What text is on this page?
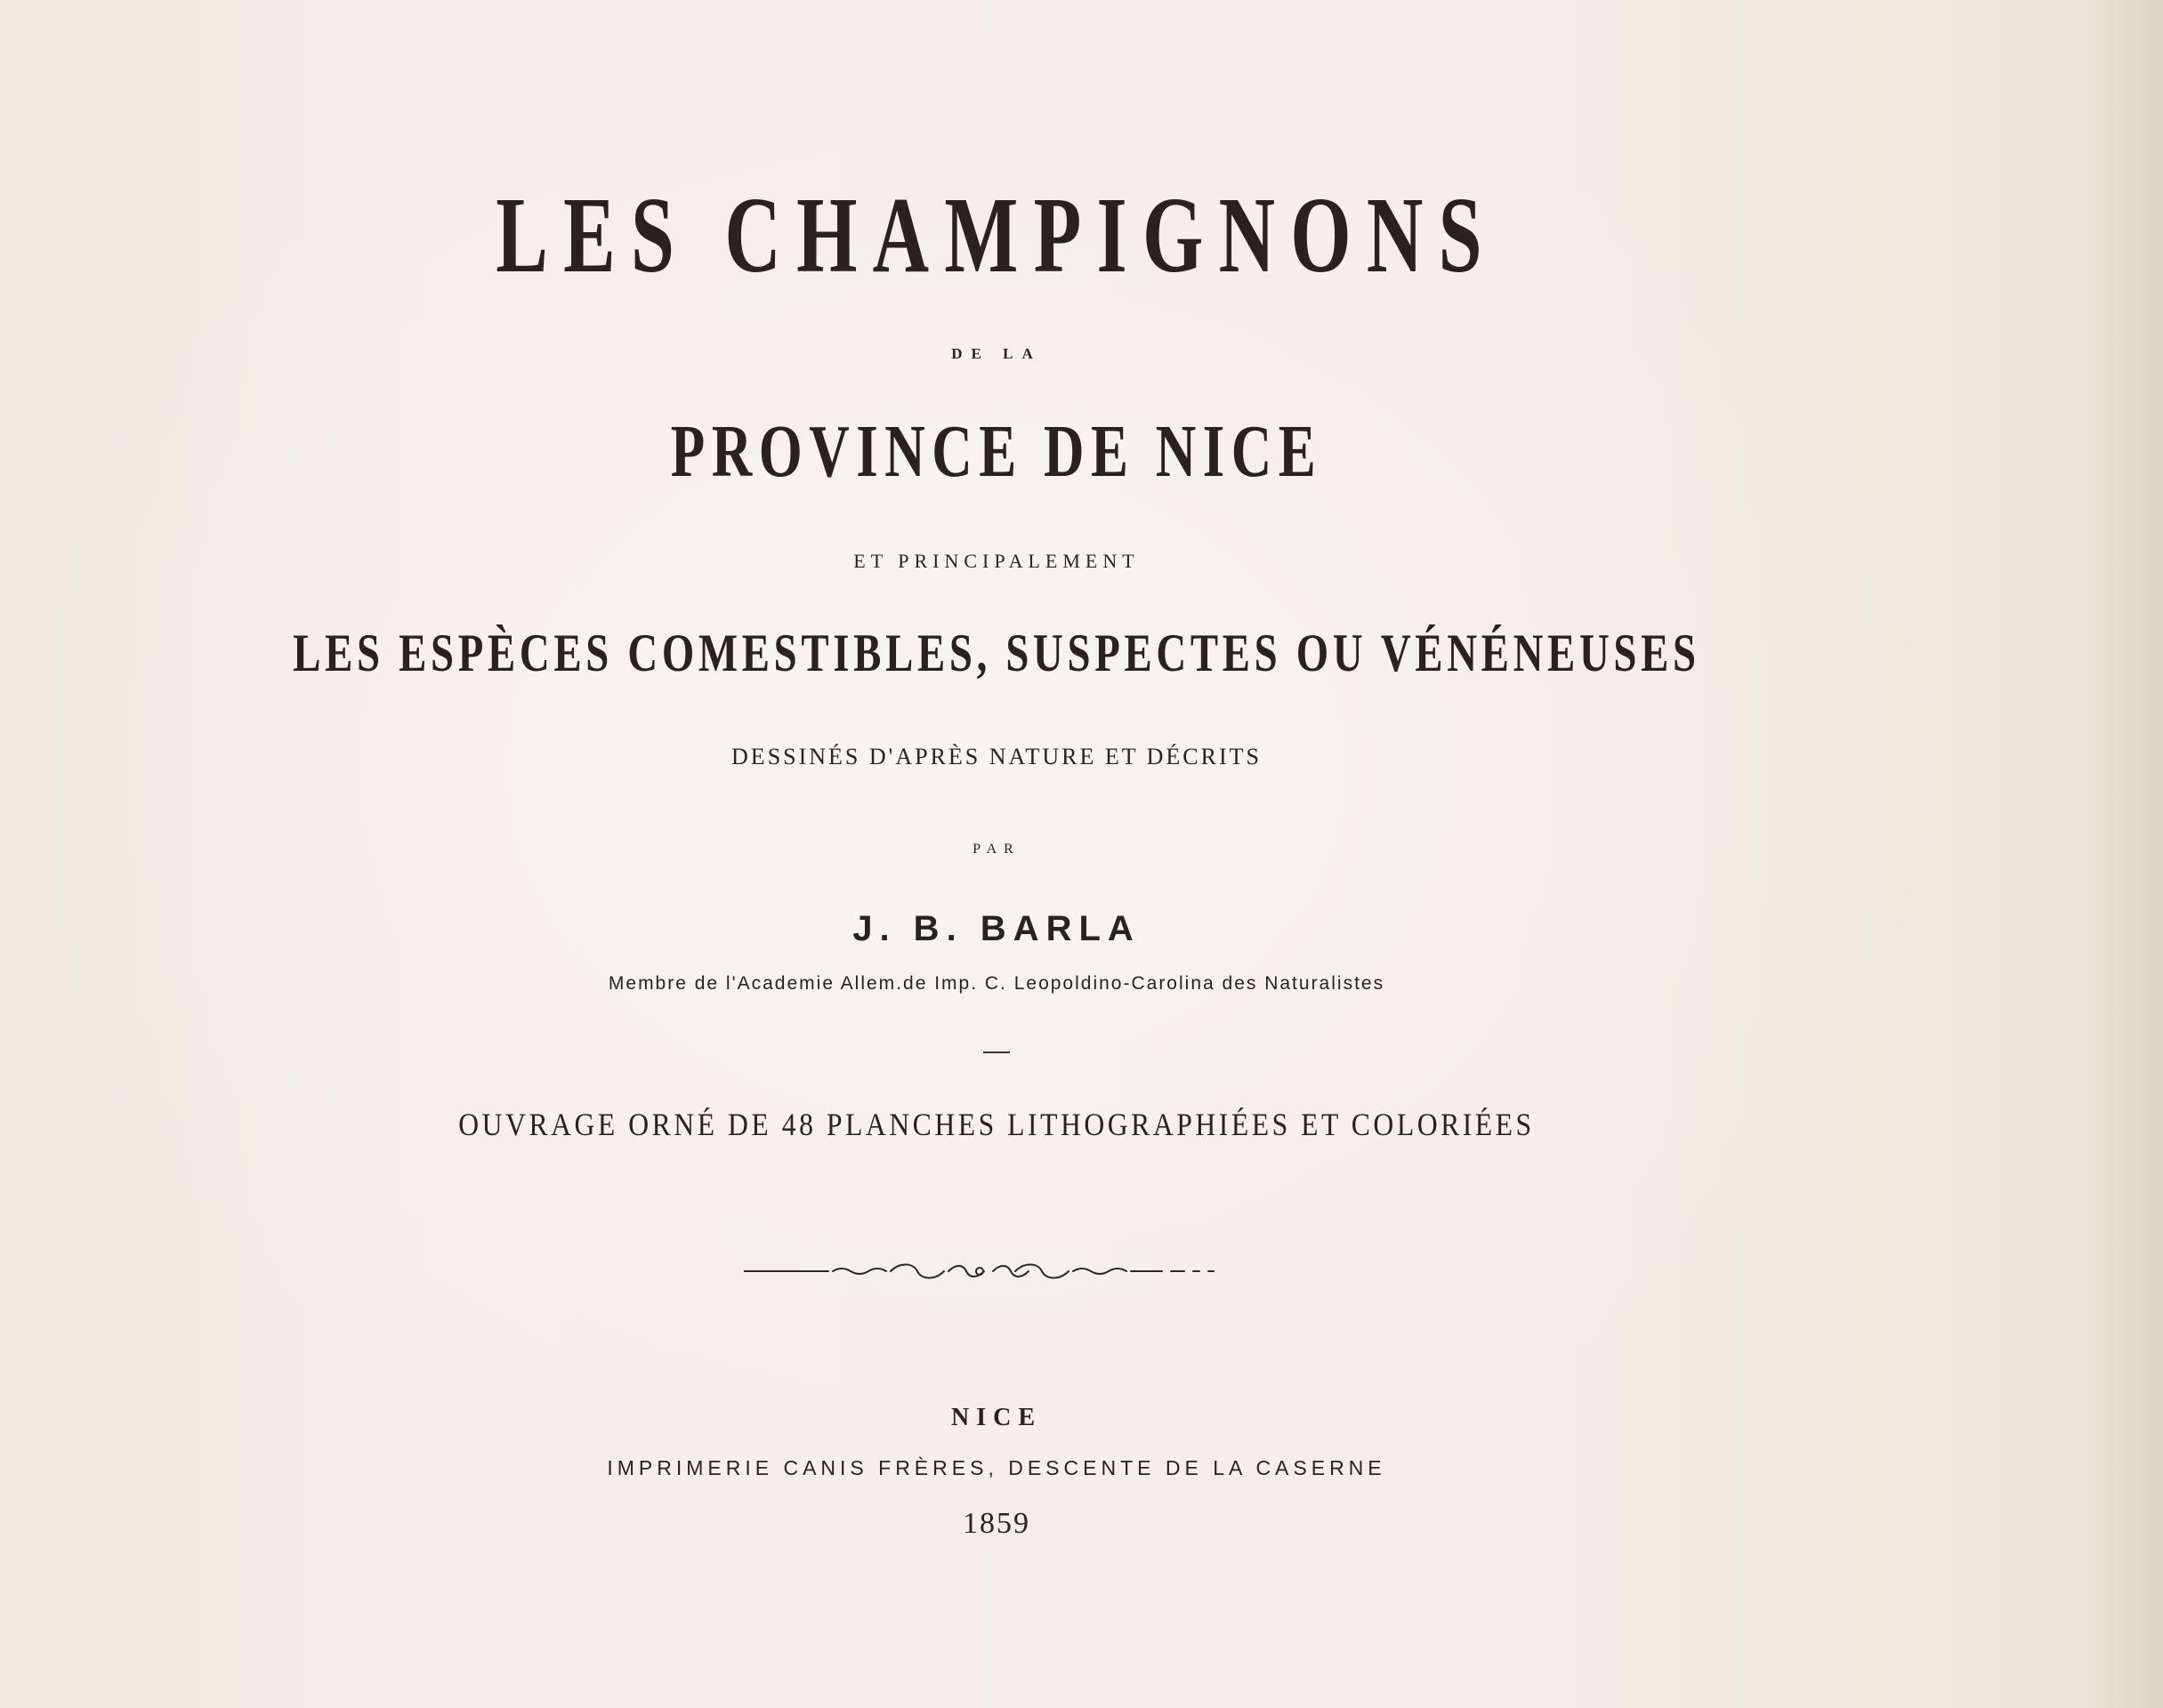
LES CHAMPIGNONS
DE LA
PROVINCE DE NICE
ET PRINCIPALEMENT
LES ESPÈCES COMESTIBLES, SUSPECTES OU VÉNÉNEUSES
DESSINÉS D'APRÈS NATURE ET DÉCRITS
PAR
J. B. BARLA
Membre de l'Academie Allem.de Imp. C. Leopoldino-Carolina des Naturalistes
OUVRAGE ORNÉ DE 48 PLANCHES LITHOGRAPHIÉES ET COLORIÉES
NICE
IMPRIMERIE CANIS FRÈRES, DESCENTE DE LA CASERNE
1859
